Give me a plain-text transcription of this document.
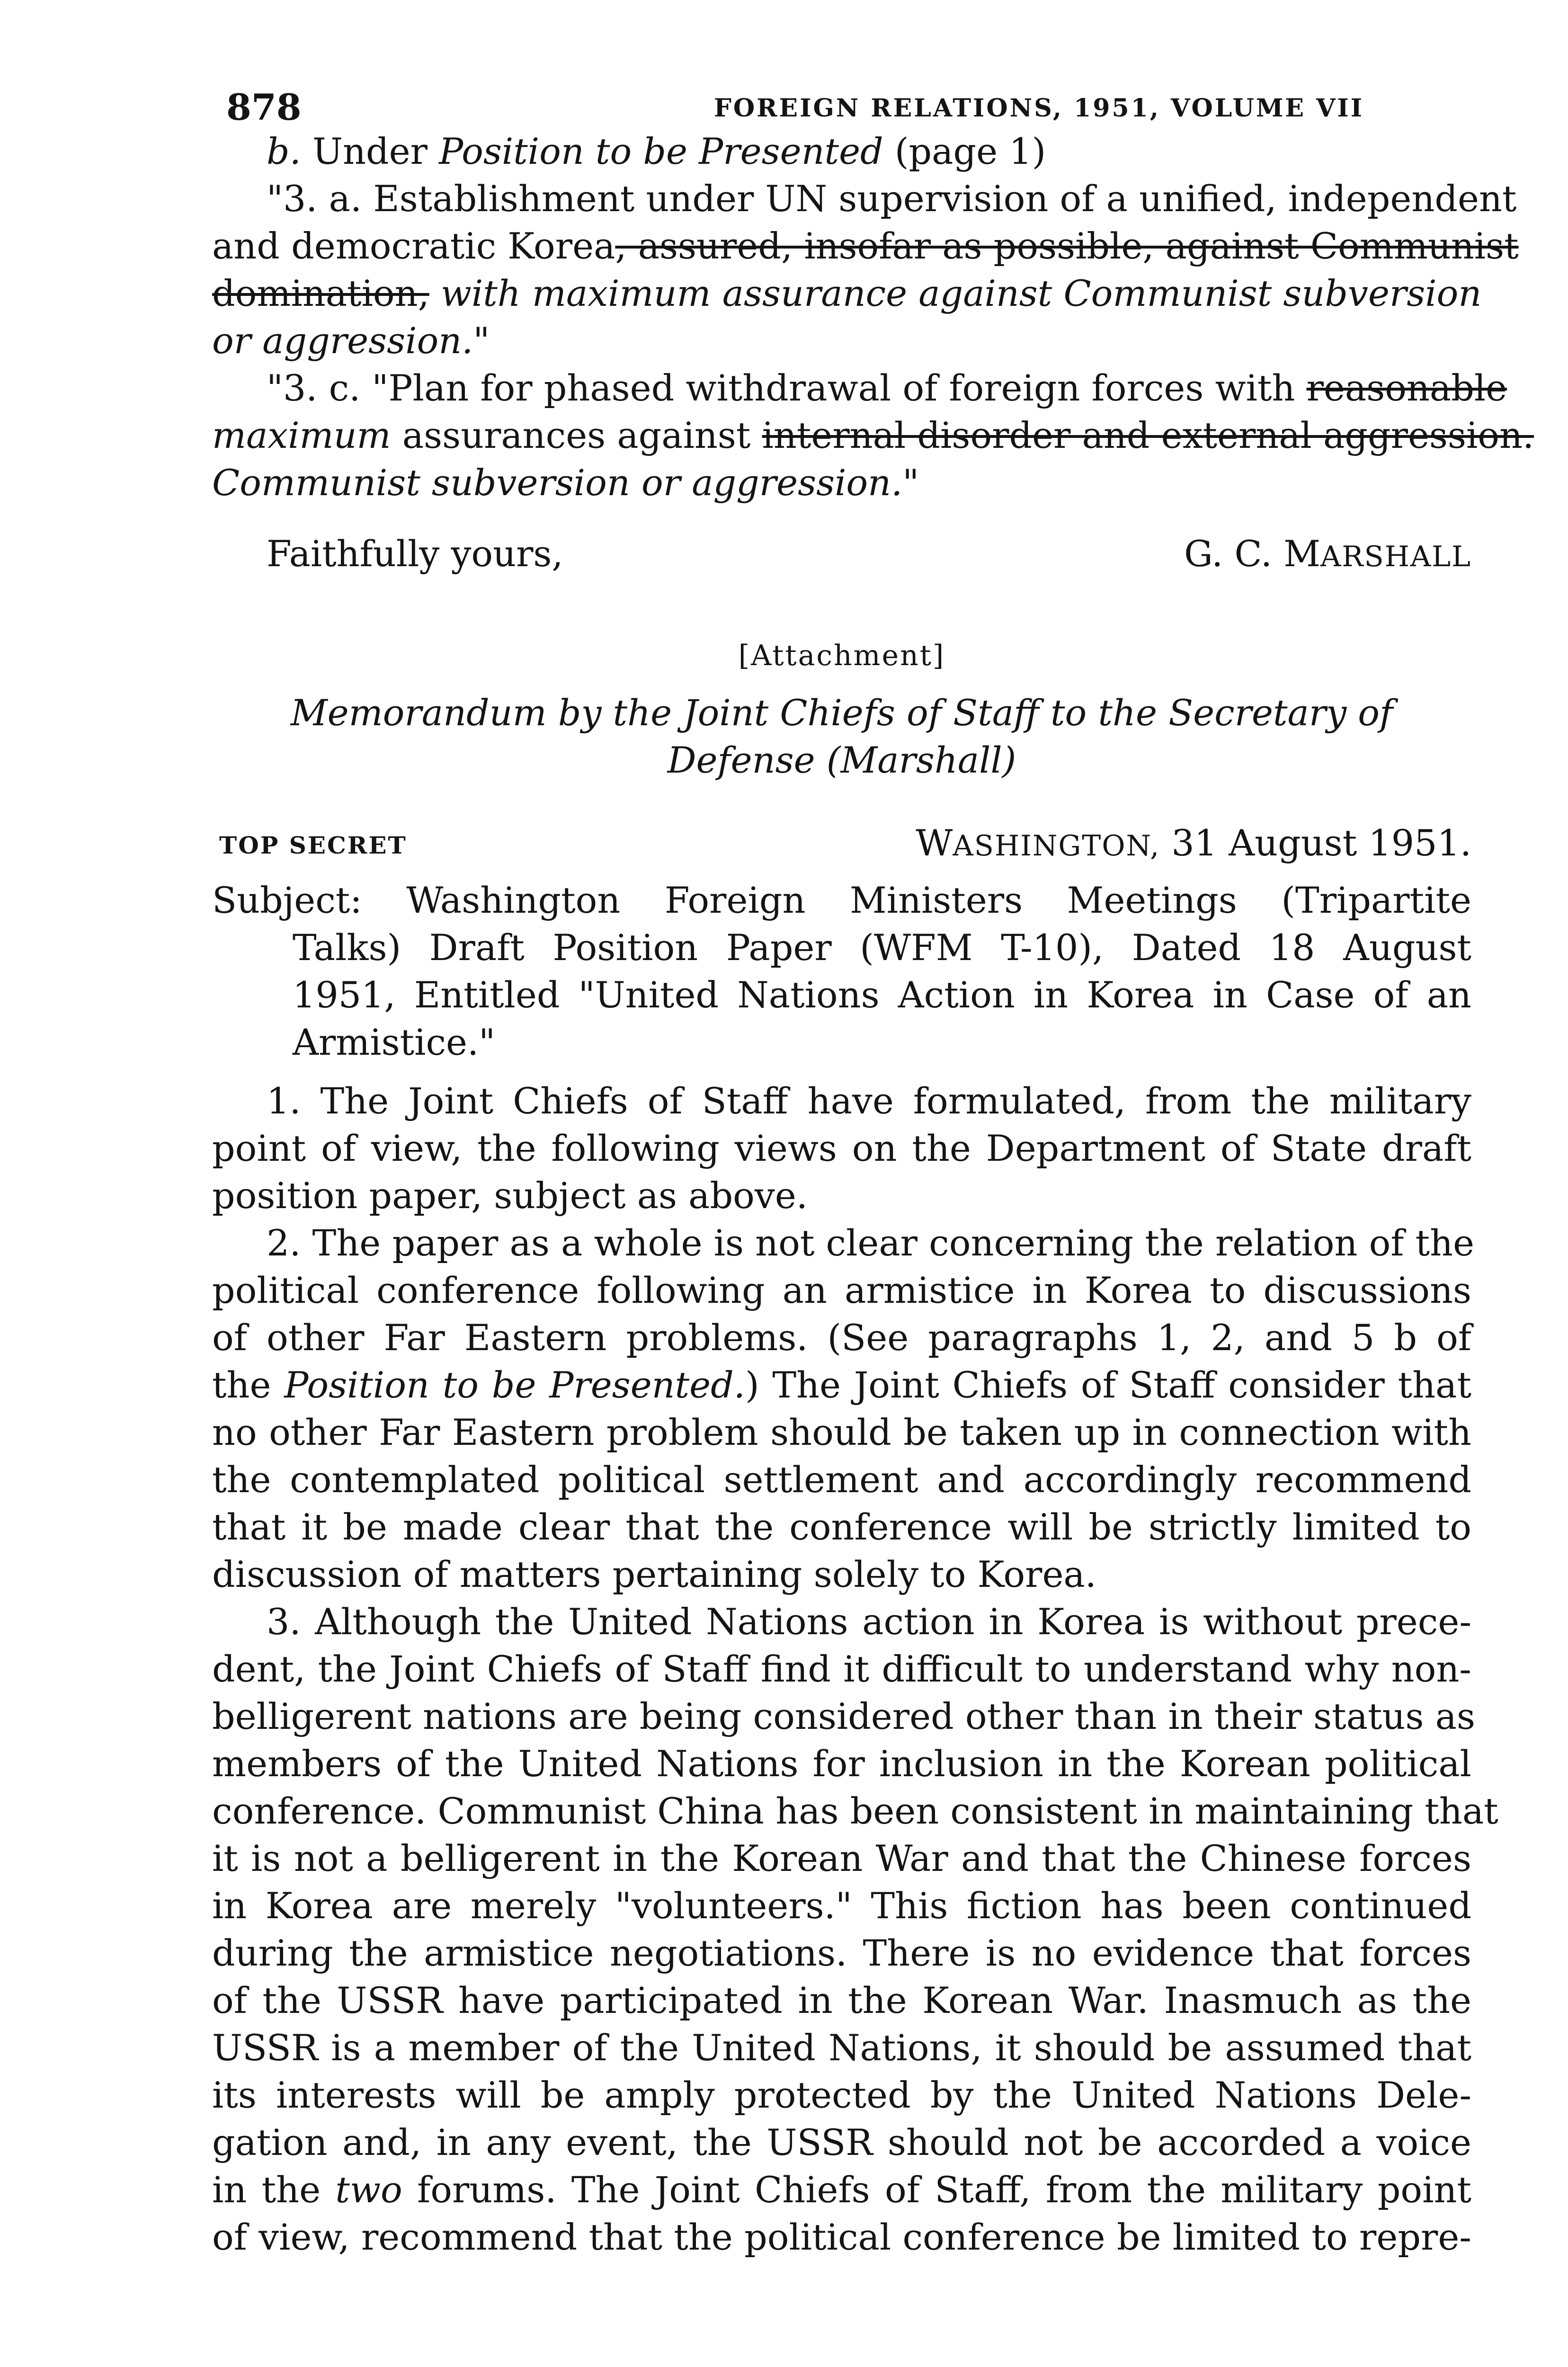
878	FOREIGN RELATIONS, 1951, VOLUME VII
b. Under Position to be Presented (page 1)
"3. a. Establishment under UN supervision of a unified, independent
and democratic Korea, assured, insofar as possible, against Communist
domination, with maximum assurance against Communist subversion
or aggression."
"3. c. "Plan for phased withdrawal of foreign forces with reasonable
maximum assurances against internal disorder and external aggression.
Communist subversion or aggression."
Faithfully yours,	G. C. MARSHALL
[Attachment]
Memorandum by the Joint Chiefs of Staff to the Secretary of
Defense (Marshall)
TOP SECRET	WASHINGTON, 31 August 1951.
Subject: Washington Foreign Ministers Meetings (Tripartite
Talks) Draft Position Paper (WFM T-10), Dated 18 August
1951, Entitled "United Nations Action in Korea in Case of an
Armistice."
1. The Joint Chiefs of Staff have formulated, from the military
point of view, the following views on the Department of State draft
position paper, subject as above.
2. The paper as a whole is not clear concerning the relation of the
political conference following an armistice in Korea to discussions
of other Far Eastern problems. (See paragraphs 1, 2, and 5 b of
the Position to be Presented.) The Joint Chiefs of Staff consider that
no other Far Eastern problem should be taken up in connection with
the contemplated political settlement and accordingly recommend
that it be made clear that the conference will be strictly limited to
discussion of matters pertaining solely to Korea.
3. Although the United Nations action in Korea is without prece-
dent, the Joint Chiefs of Staff find it difficult to understand why non-
belligerent nations are being considered other than in their status as
members of the United Nations for inclusion in the Korean political
conference. Communist China has been consistent in maintaining that
it is not a belligerent in the Korean War and that the Chinese forces
in Korea are merely "volunteers." This fiction has been continued
during the armistice negotiations. There is no evidence that forces
of the USSR have participated in the Korean War. Inasmuch as the
USSR is a member of the United Nations, it should be assumed that
its interests will be amply protected by the United Nations Dele-
gation and, in any event, the USSR should not be accorded a voice
in the two forums. The Joint Chiefs of Staff, from the military point
of view, recommend that the political conference be limited to repre-
